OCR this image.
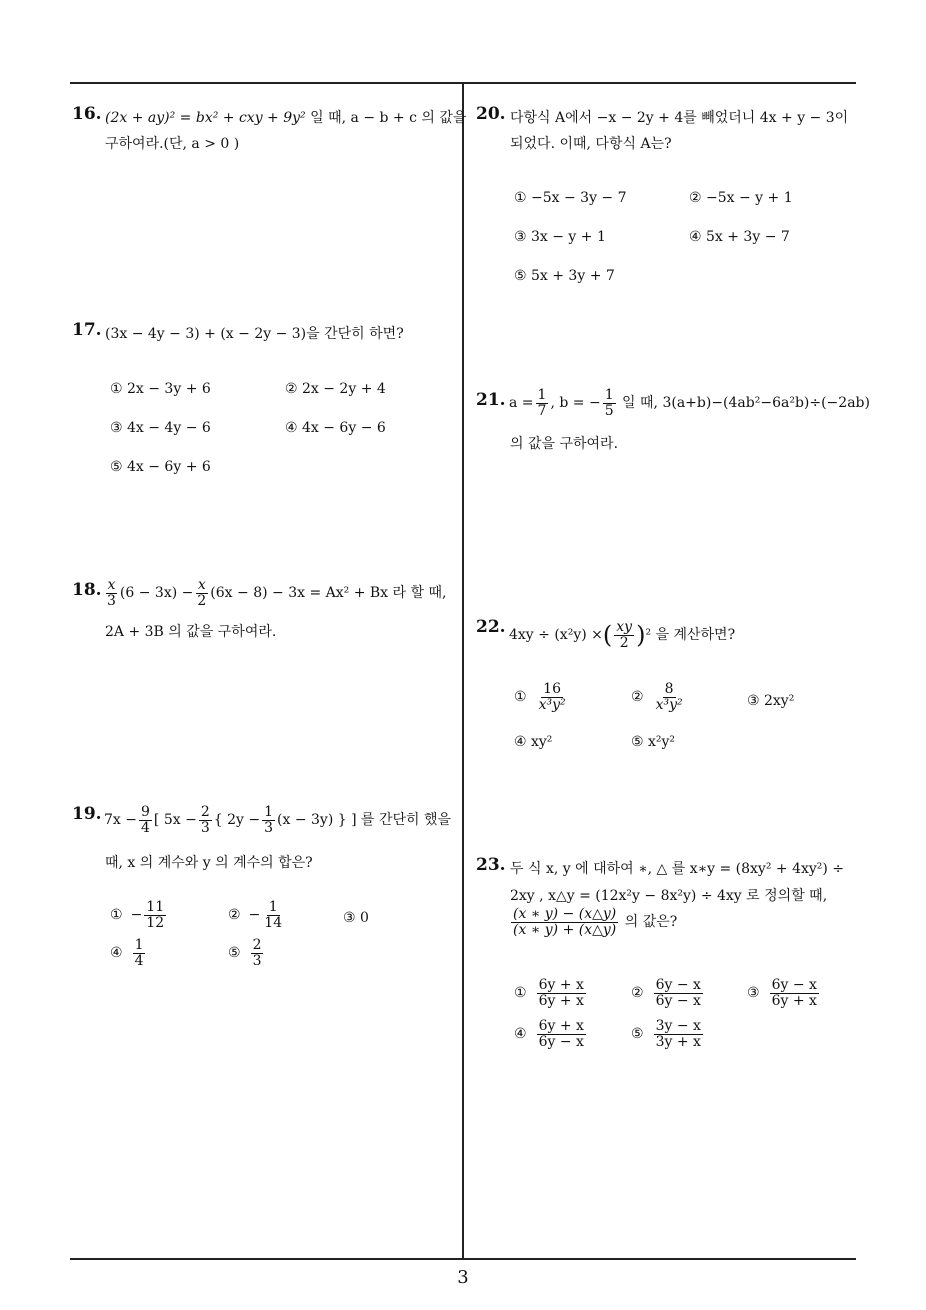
16. (2x + ay)² = bx² + cxy + 9y² 일 때, a − b + c 의 값을
구하여라.(단, a > 0 )
17. (3x − 4y − 3) + (x − 2y − 3)을 간단히 하면?
① 2x − 3y + 6	② 2x − 2y + 4
③ 4x − 4y − 6	④ 4x − 6y − 6
⑤ 4x − 6y + 6
18. $\frac{x}{3} (6 - 3x) - \frac{x}{2} (6x - 8) - 3x = Ax^2 + Bx$ 라 할 때,
2A + 3B 의 값을 구하여라.
19. $7x - \frac{9}{4}$ [ $5x - \frac{2}{3}$ { $2y - \frac{1}{3} (x - 3y)$ } ] 를 간단히 했을
때, x 의 계수와 y 의 계수의 합은?
① − $\frac{11}{12}$	② − $\frac{1}{14}$	③ 0
④ $\frac{1}{4}$	⑤ $\frac{2}{3}$
20. 다항식 A에서 −x − 2y + 4를 빼었더니 4x + y − 3이
되었다. 이때, 다항식 A는?
① −5x − 3y − 7	② −5x − y + 1
③ 3x − y + 1	④ 5x + 3y − 7
⑤ 5x + 3y + 7
21. $a = \frac{1}{7}$ , b = − $\frac{1}{5}$ 일 때, 3(a+b)−(4ab²−6a²b)÷(−2ab)
의 값을 구하여라.
22. 4xy ÷ (x²y) ×( $\frac{xy}{2} )^2$ 을 계산하면?
① $\frac{16}{\text{x³y²}}$	② $\frac{8}{\text{x³y²}}$	③ 2xy²
④ xy²	⑤ x²y²
23. 두 식 x, y 에 대하여 ∗, △ 를 x∗y = (8xy² + 4xy²) ÷
2xy , x△y = (12x²y − 8x²y) ÷ 4xy 로 정의할 때,
$\frac{(x ∗ y) - (x\triangle y)}{(x ∗ y) + (x\triangle y)}$ 의 값은?
① $\frac{6y + x}{6y + x}$	② $\frac{6y - x}{6y - x}$	③ $\frac{6y - x}{6y + x}$
④ $\frac{6y + x}{6y - x}$	⑤ $\frac{3y - x}{3y + x}$
3
